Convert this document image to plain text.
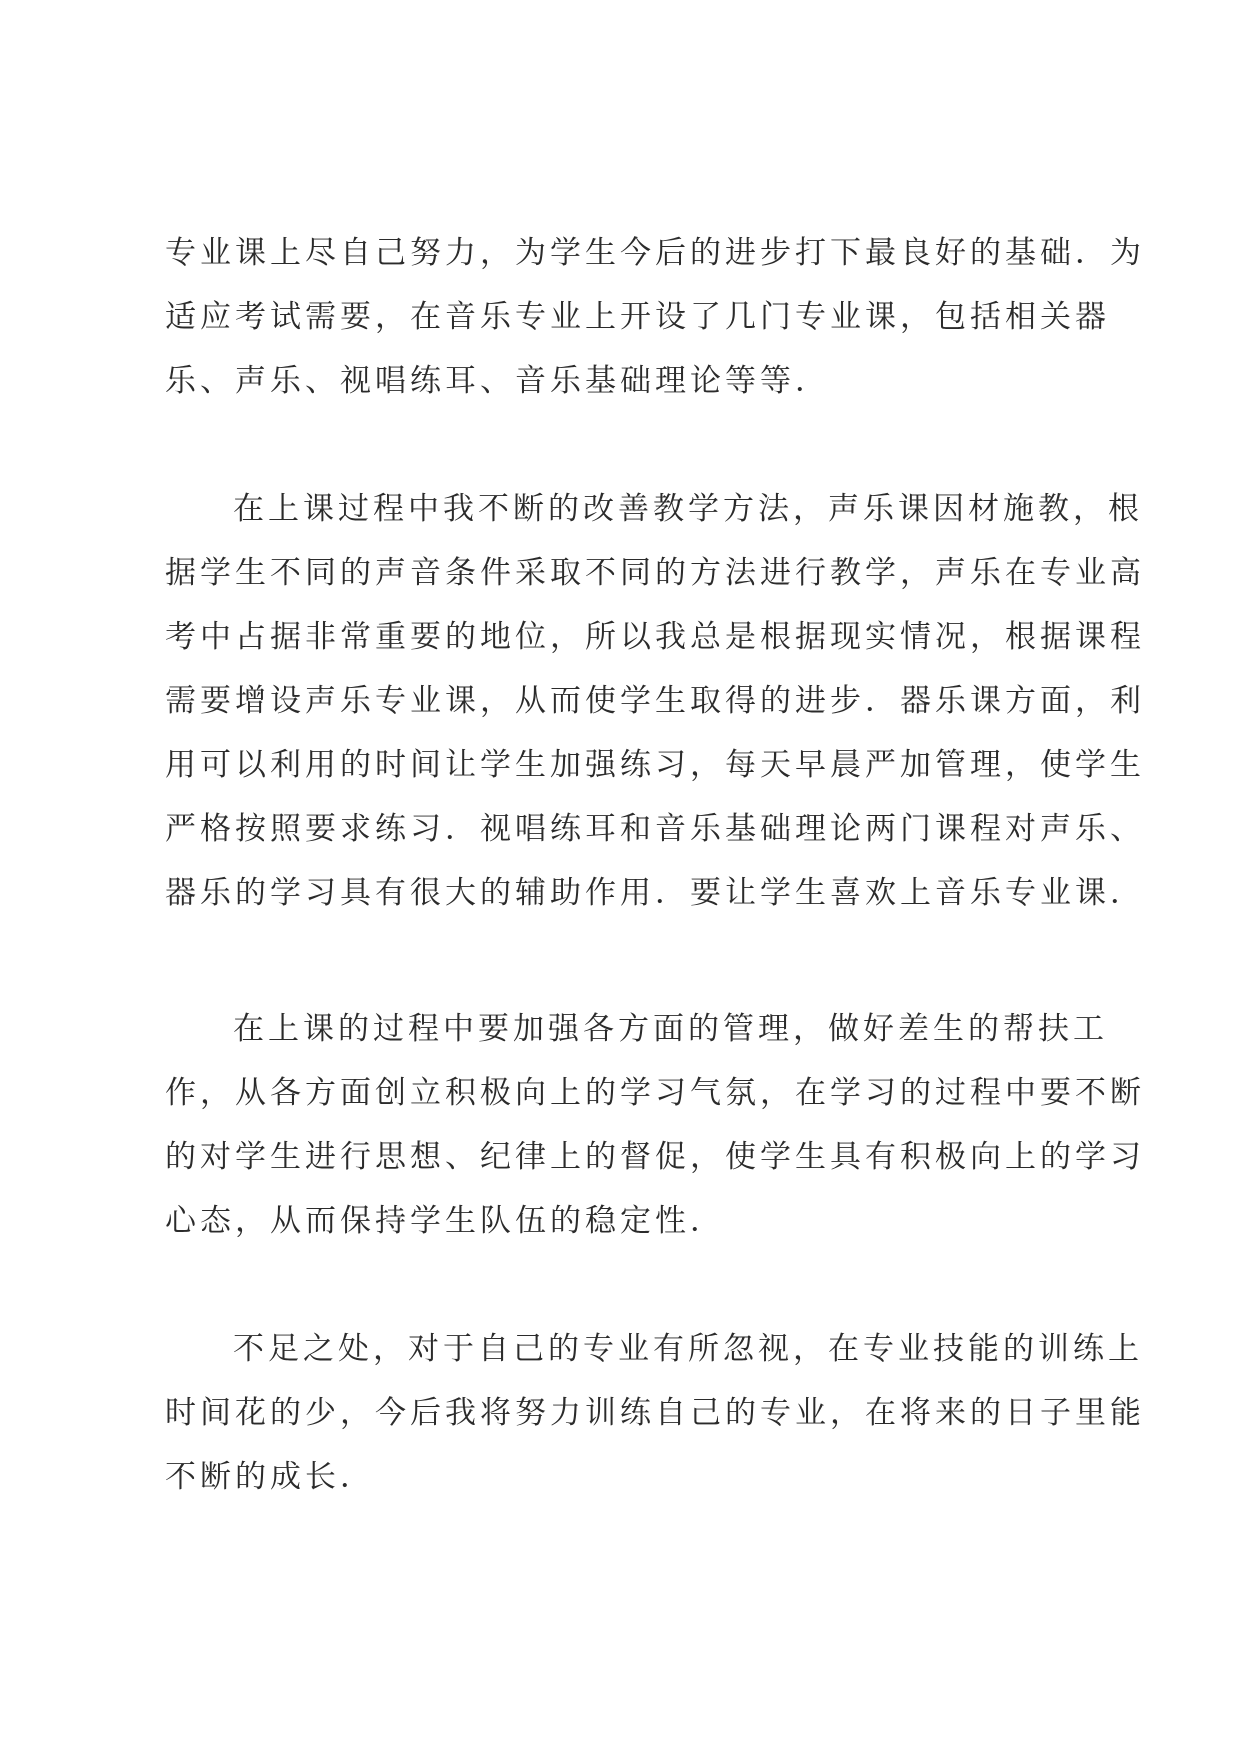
专业课上尽自己努力，为学生今后的进步打下最良好的基础．为
适应考试需要，在音乐专业上开设了几门专业课，包括相关器
乐、声乐、视唱练耳、音乐基础理论等等．
在上课过程中我不断的改善教学方法，声乐课因材施教，根
据学生不同的声音条件采取不同的方法进行教学，声乐在专业高
考中占据非常重要的地位，所以我总是根据现实情况，根据课程
需要增设声乐专业课，从而使学生取得的进步．器乐课方面，利
用可以利用的时间让学生加强练习，每天早晨严加管理，使学生
严格按照要求练习．视唱练耳和音乐基础理论两门课程对声乐、
器乐的学习具有很大的辅助作用．要让学生喜欢上音乐专业课．
在上课的过程中要加强各方面的管理，做好差生的帮扶工
作，从各方面创立积极向上的学习气氛，在学习的过程中要不断
的对学生进行思想、纪律上的督促，使学生具有积极向上的学习
心态，从而保持学生队伍的稳定性．
不足之处，对于自己的专业有所忽视，在专业技能的训练上
时间花的少，今后我将努力训练自己的专业，在将来的日子里能
不断的成长．
